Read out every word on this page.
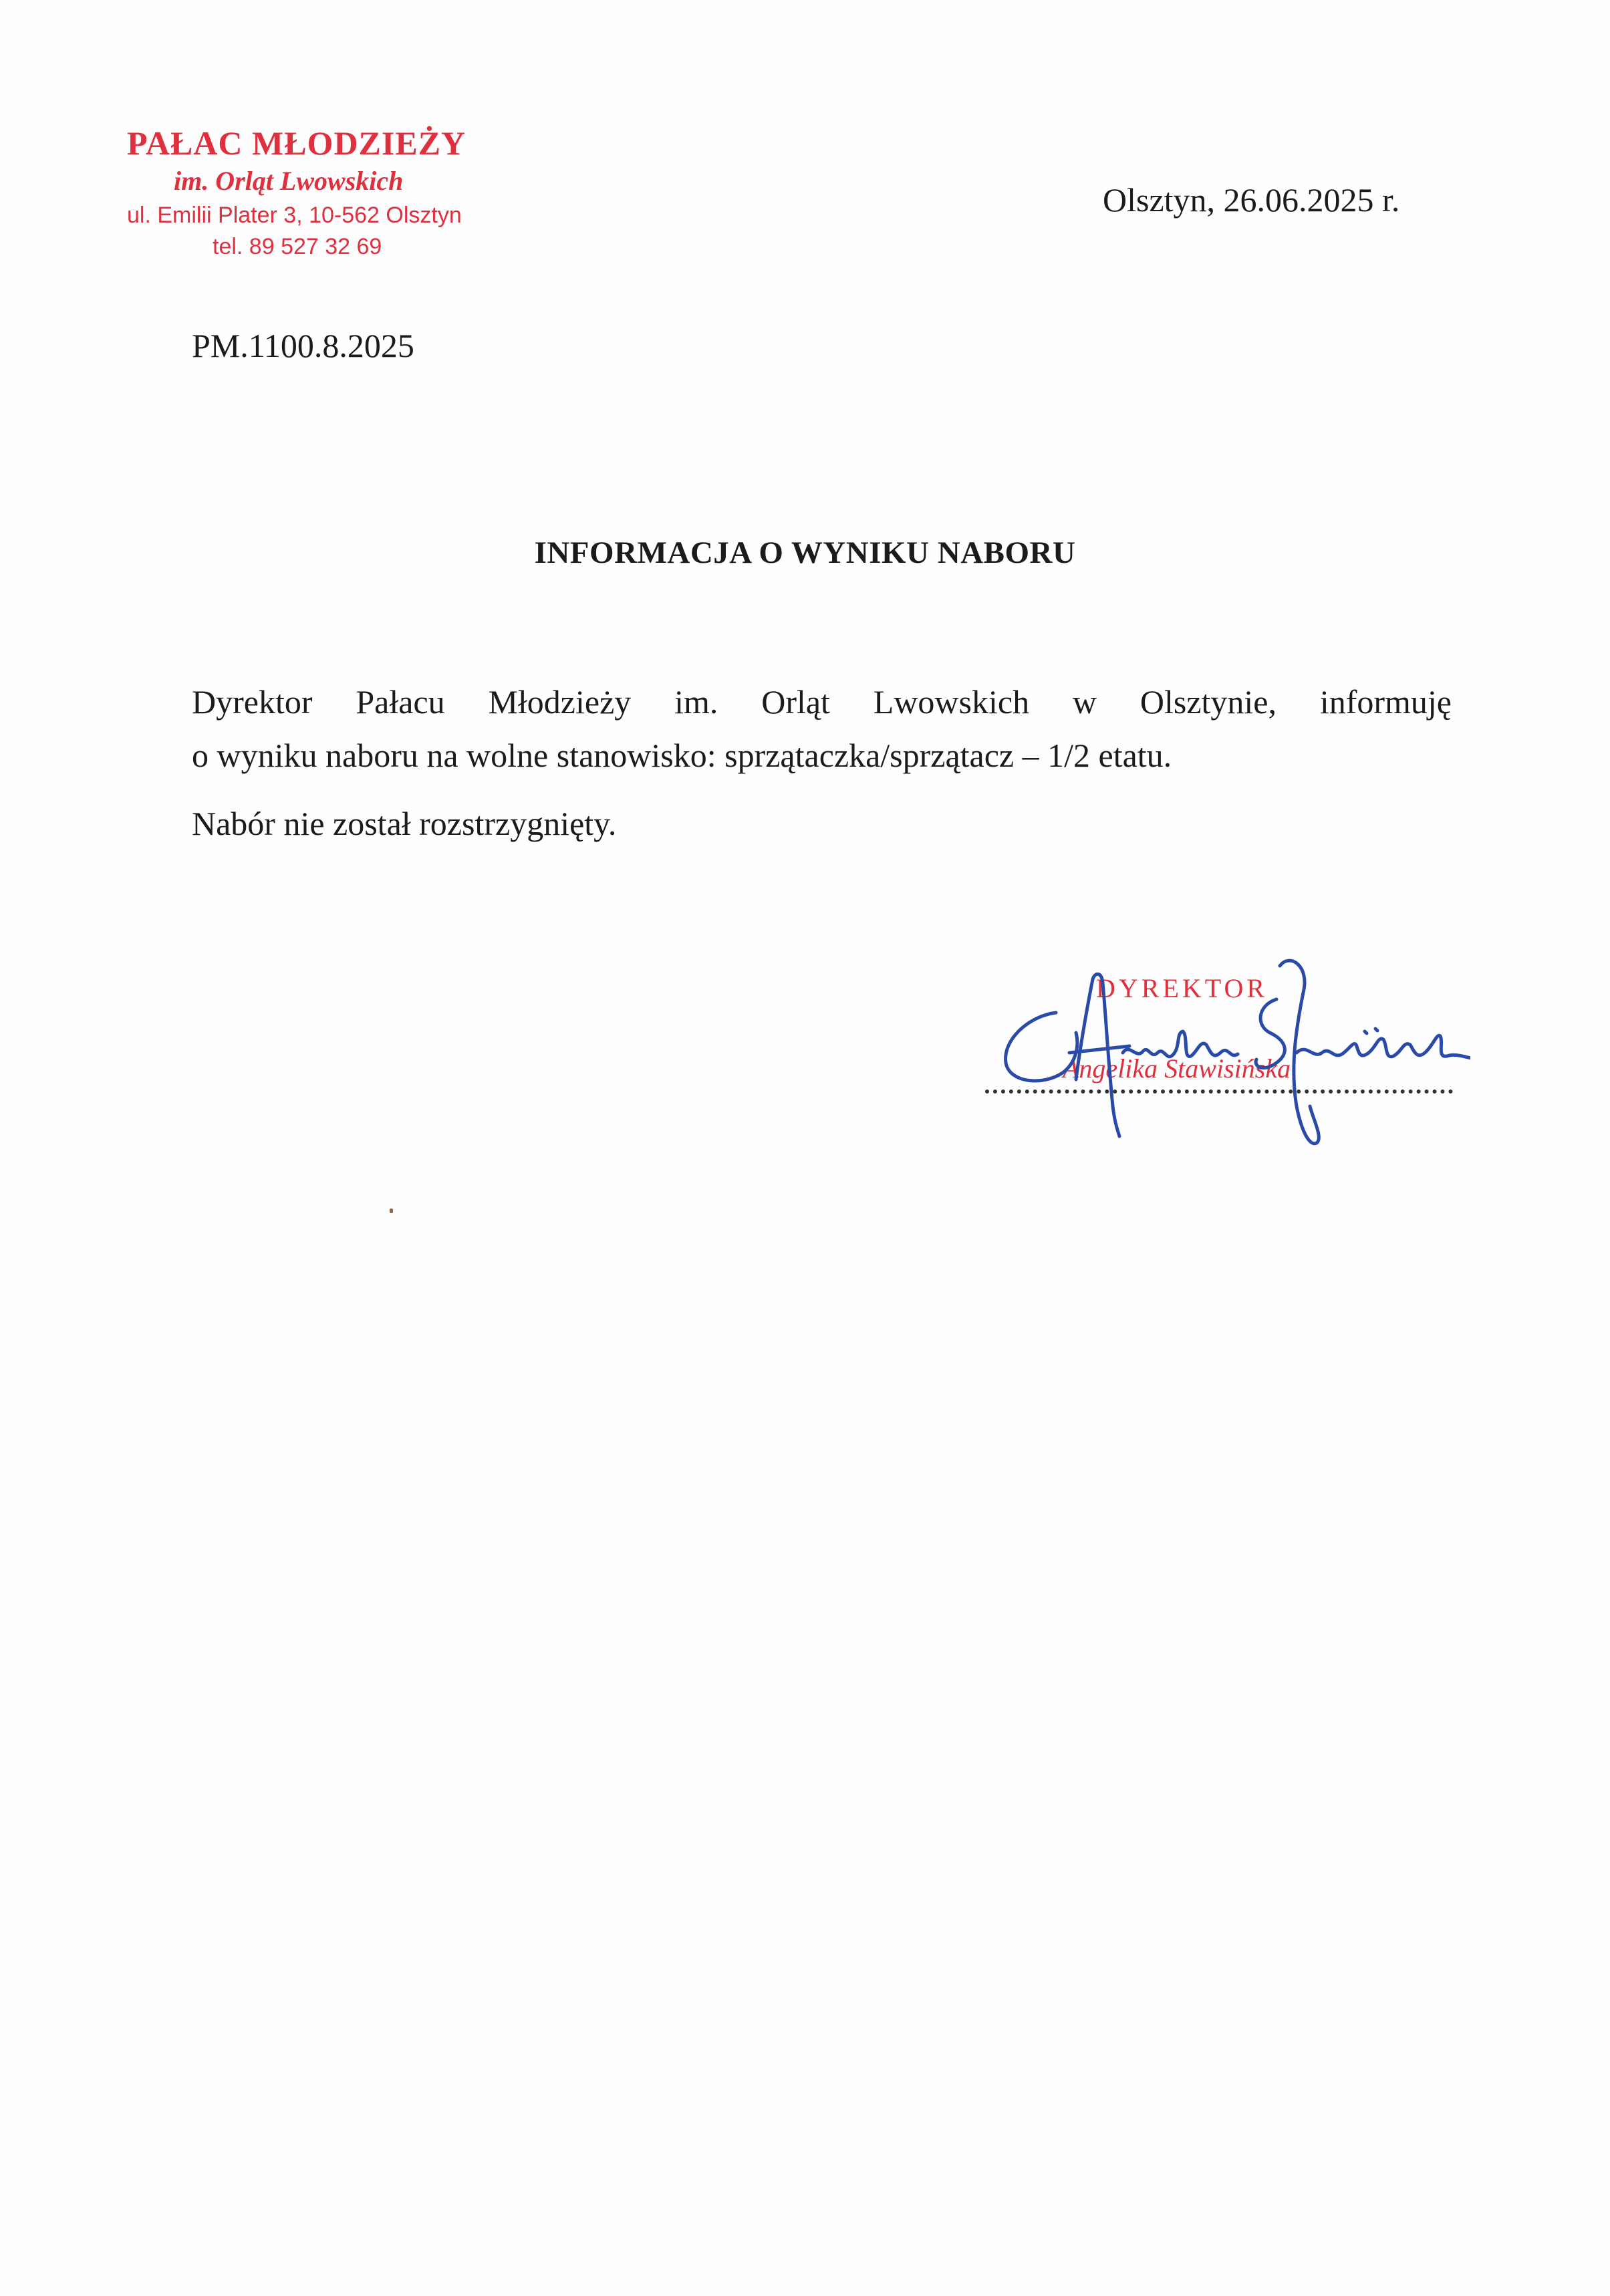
PAŁAC MŁODZIEŻY
im. Orląt Lwowskich
ul. Emilii Plater 3, 10-562 Olsztyn
tel. 89 527 32 69
Olsztyn, 26.06.2025 r.
PM.1100.8.2025
INFORMACJA O WYNIKU NABORU

Dyrektor Pałacu Młodzieży im. Orląt Lwowskich w Olsztynie, informuję
o wyniku naboru na wolne stanowisko: sprzątaczka/sprzątacz – 1/2 etatu.

Nabór nie został rozstrzygnięty.

DYREKTOR
Angelika Stawisińska
